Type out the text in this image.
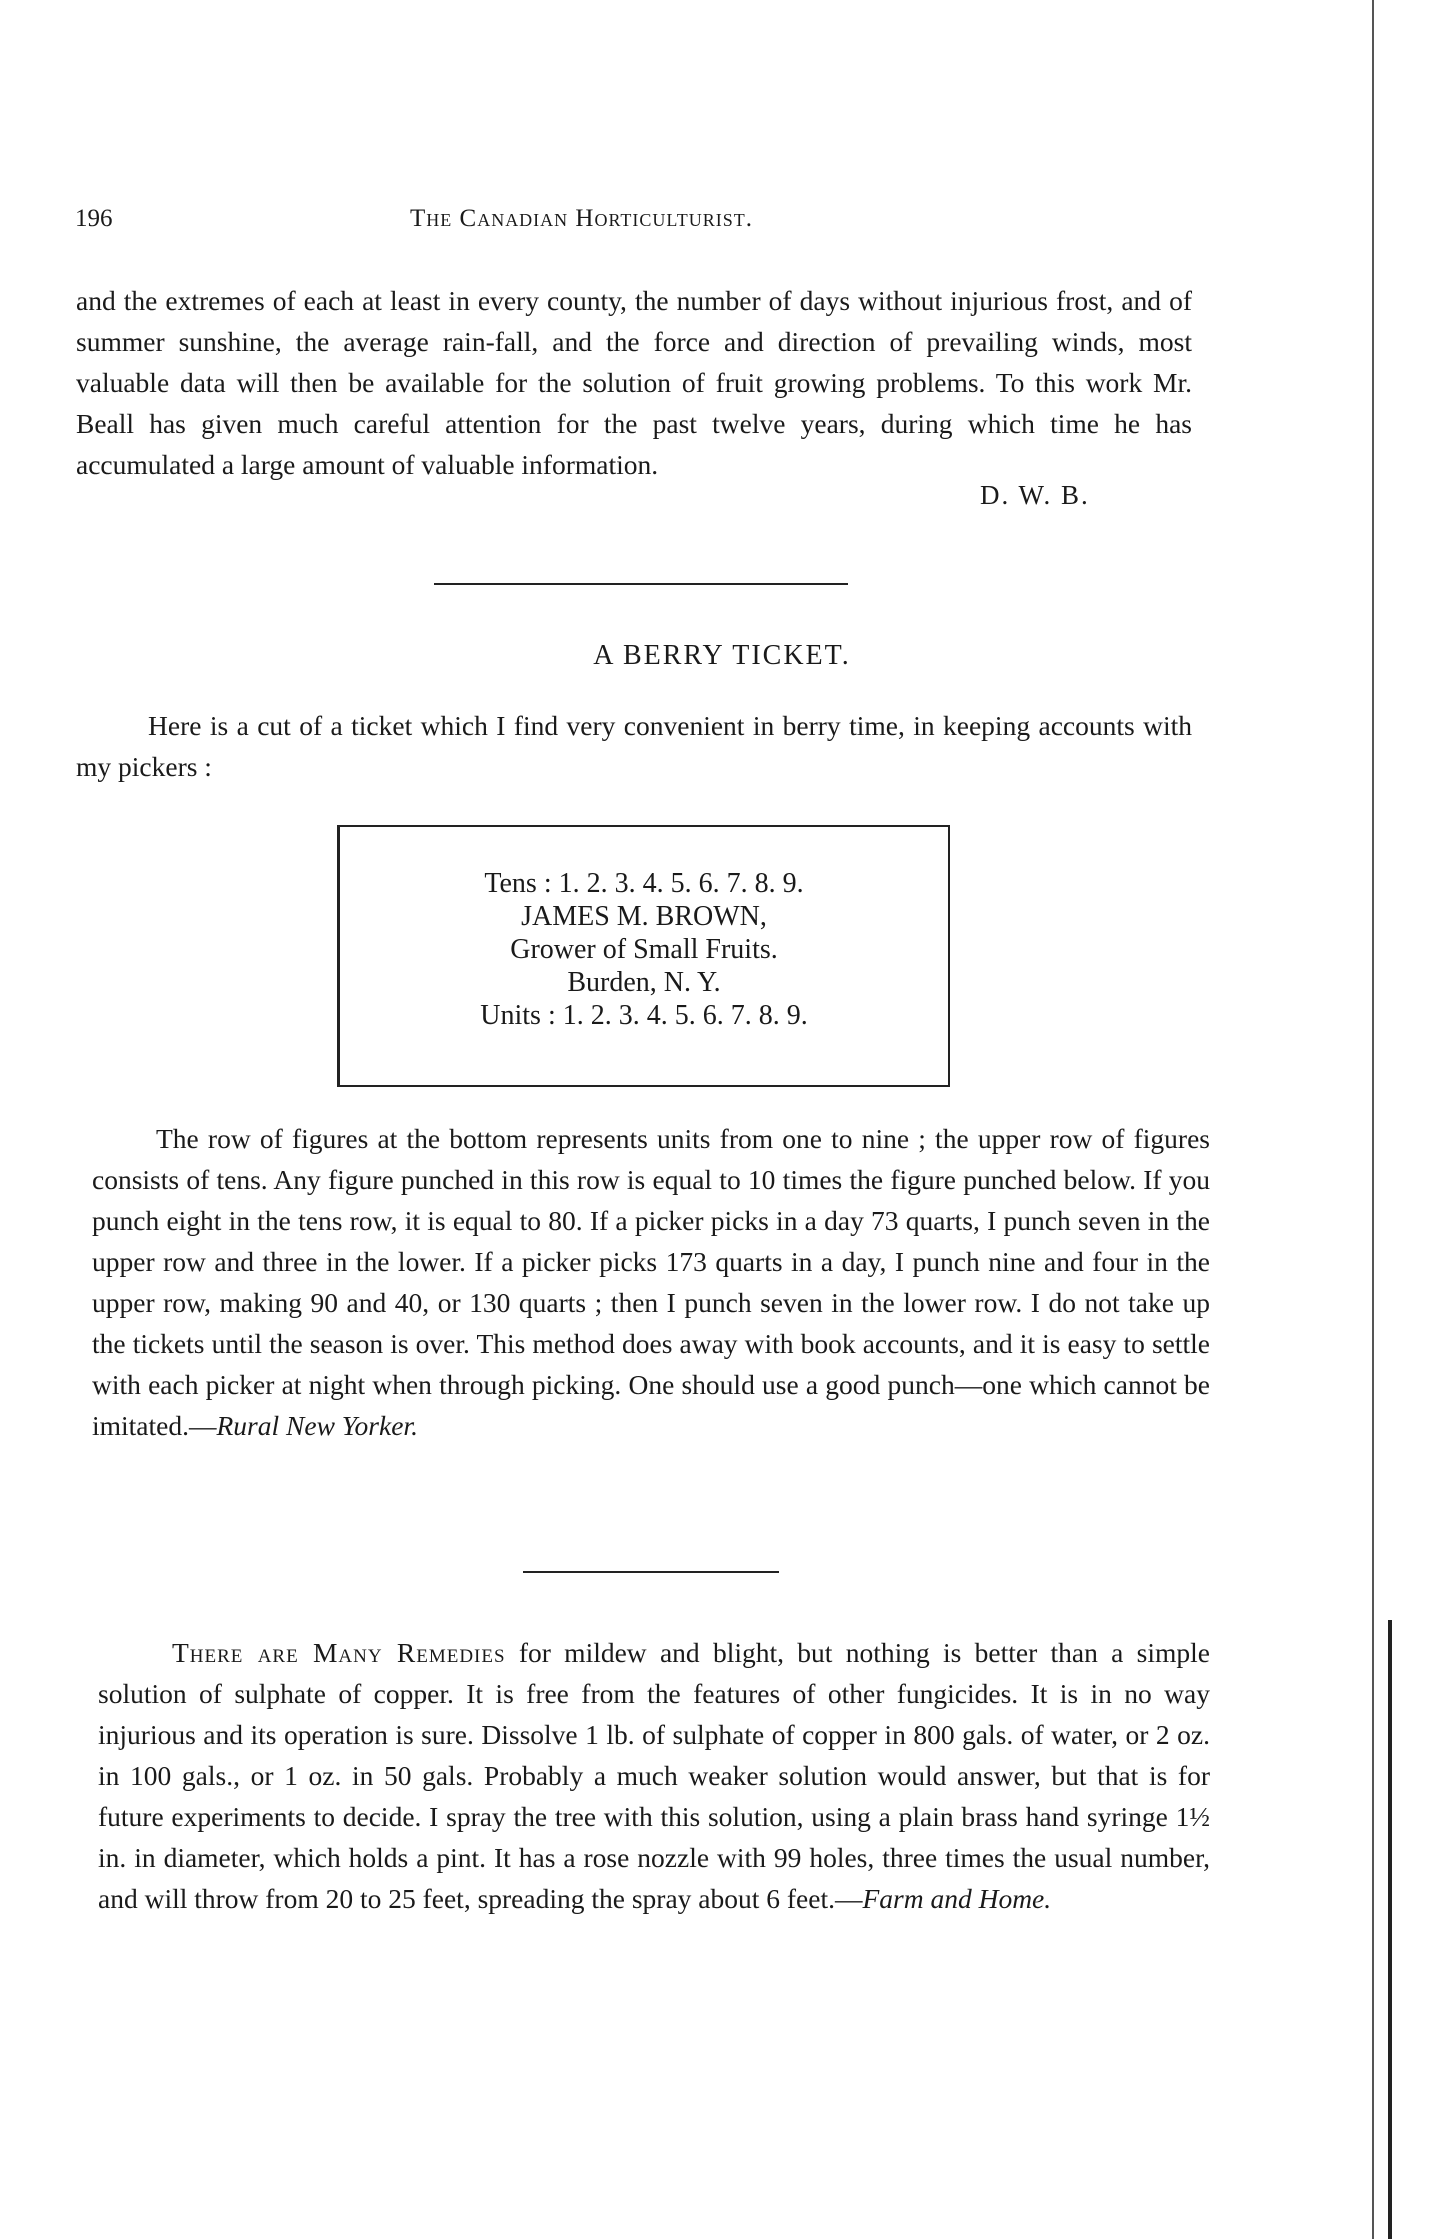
196	The Canadian Horticulturist.

and the extremes of each at least in every county, the number of days without injurious frost, and of summer sunshine, the average rain-fall, and the force and direction of prevailing winds, most valuable data will then be available for the solution of fruit growing problems. To this work Mr. Beall has given much careful attention for the past twelve years, during which time he has accumulated a large amount of valuable information.

D. W. B.
A BERRY TICKET.

Here is a cut of a ticket which I find very convenient in berry time, in keeping accounts with my pickers :

Tens : 1. 2. 3. 4. 5. 6. 7. 8. 9.
JAMES M. BROWN,
Grower of Small Fruits.
Burden, N. Y.
Units : 1. 2. 3. 4. 5. 6. 7. 8. 9.

The row of figures at the bottom represents units from one to nine ; the upper row of figures consists of tens. Any figure punched in this row is equal to 10 times the figure punched below. If you punch eight in the tens row, it is equal to 80. If a picker picks in a day 73 quarts, I punch seven in the upper row and three in the lower. If a picker picks 173 quarts in a day, I punch nine and four in the upper row, making 90 and 40, or 130 quarts ; then I punch seven in the lower row. I do not take up the tickets until the season is over. This method does away with book accounts, and it is easy to settle with each picker at night when through picking. One should use a good punch—one which cannot be imitated.—Rural New Yorker.

There are Many Remedies for mildew and blight, but nothing is better than a simple solution of sulphate of copper. It is free from the features of other fungicides. It is in no way injurious and its operation is sure. Dissolve 1 lb. of sulphate of copper in 800 gals. of water, or 2 oz. in 100 gals., or 1 oz. in 50 gals. Probably a much weaker solution would answer, but that is for future experiments to decide. I spray the tree with this solution, using a plain brass hand syringe 1½ in. in diameter, which holds a pint. It has a rose nozzle with 99 holes, three times the usual number, and will throw from 20 to 25 feet, spreading the spray about 6 feet.—Farm and Home.
